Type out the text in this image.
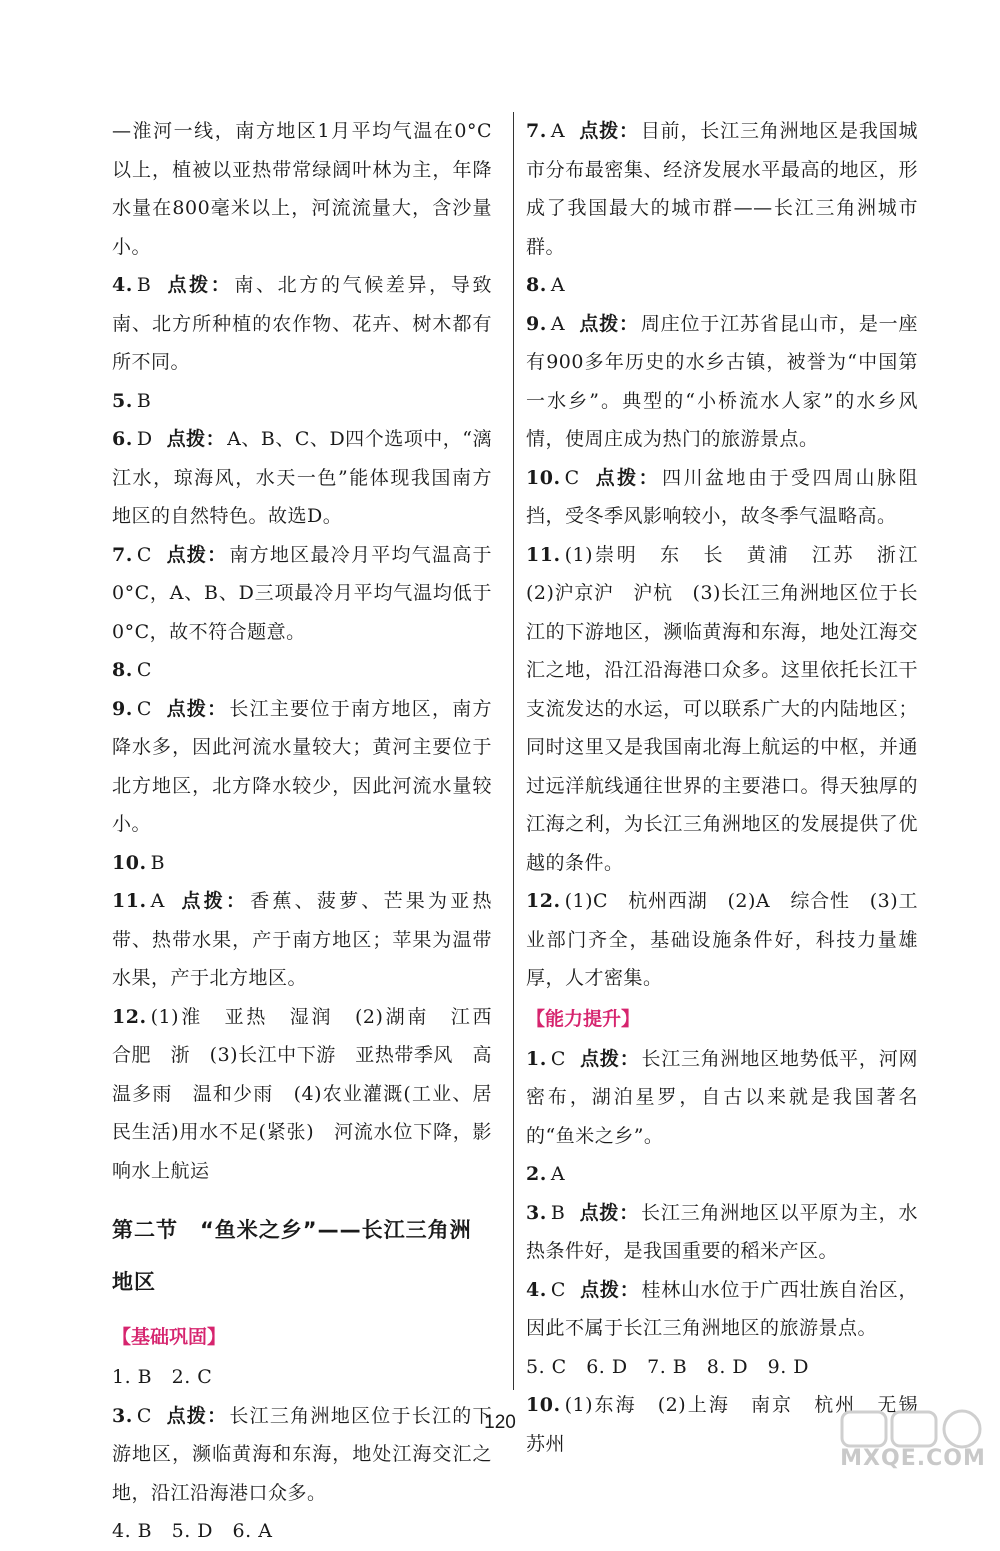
—淮河一线，南方地区1月平均气温在0°C以上，植被以亚热带常绿阔叶林为主，年降水量在800毫米以上，河流流量大，含沙量小。

4. B 点拨： 南、北方的气候差异，导致南、北方所种植的农作物、花卉、树木都有所不同。

5. B

6. D 点拨： A、B、C、D四个选项中，“漓江水，琼海风，水天一色”能体现我国南方地区的自然特色。故选D。

7. C 点拨： 南方地区最冷月平均气温高于0°C，A、B、D三项最冷月平均气温均低于0°C，故不符合题意。

8. C

9. C 点拨： 长江主要位于南方地区，南方降水多，因此河流水量较大；黄河主要位于北方地区，北方降水较少，因此河流水量较小。

10. B

11. A 点拨： 香蕉、菠萝、芒果为亚热带、热带水果，产于南方地区；苹果为温带水果，产于北方地区。

12. (1)淮　亚热　湿润　(2)湖南　江西　合肥　浙　(3)长江中下游　亚热带季风　高温多雨　温和少雨　(4)农业灌溉(工业、居民生活)用水不足(紧张)　河流水位下降，影响水上航运

第二节　“鱼米之乡”——长江三角洲地区
【基础巩固】

1. B　2. C

3. C 点拨： 长江三角洲地区位于长江的下游地区，濒临黄海和东海，地处江海交汇之地，沿江沿海港口众多。

4. B　5. D　6. A

7. A 点拨： 目前，长江三角洲地区是我国城市分布最密集、经济发展水平最高的地区，形成了我国最大的城市群——长江三角洲城市群。

8. A

9. A 点拨： 周庄位于江苏省昆山市，是一座有900多年历史的水乡古镇，被誉为“中国第一水乡”。典型的“小桥流水人家”的水乡风情，使周庄成为热门的旅游景点。

10. C 点拨： 四川盆地由于受四周山脉阻挡，受冬季风影响较小，故冬季气温略高。

11. (1)崇明　东　长　黄浦　江苏　浙江　(2)沪京沪　沪杭　(3)长江三角洲地区位于长江的下游地区，濒临黄海和东海，地处江海交汇之地，沿江沿海港口众多。这里依托长江干支流发达的水运，可以联系广大的内陆地区；同时这里又是我国南北海上航运的中枢，并通过远洋航线通往世界的主要港口。得天独厚的江海之利，为长江三角洲地区的发展提供了优越的条件。

12. (1)C　杭州西湖　(2)A　综合性　(3)工业部门齐全，基础设施条件好，科技力量雄厚，人才密集。

【能力提升】

1. C 点拨： 长江三角洲地区地势低平，河网密布，湖泊星罗，自古以来就是我国著名的“鱼米之乡”。

2. A

3. B 点拨： 长江三角洲地区以平原为主，水热条件好，是我国重要的稻米产区。

4. C 点拨： 桂林山水位于广西壮族自治区，因此不属于长江三角洲地区的旅游景点。

5. C　6. D　7. B　8. D　9. D

10. (1)东海　(2)上海　南京　杭州　无锡　苏州

120
MXQE.COM
